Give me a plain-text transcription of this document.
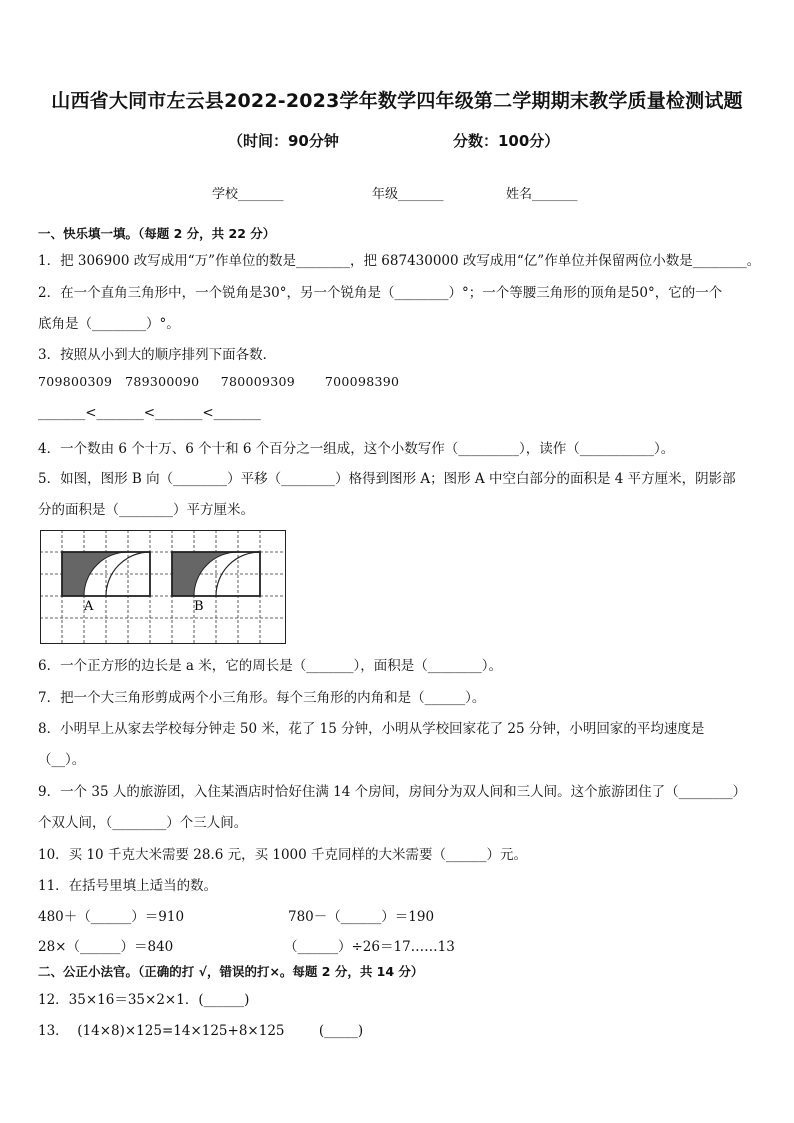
山西省大同市左云县2022-2023学年数学四年级第二学期期末教学质量检测试题
（时间：90分钟	分数：100分）
学校_______	年级_______	姓名_______
一、快乐填一填。（每题 2 分，共 22 分）
1．把 306900 改写成用“万”作单位的数是________，把 687430000 改写成用“亿”作单位并保留两位小数是________。
2．在一个直角三角形中，一个锐角是30°，另一个锐角是（________）°；一个等腰三角形的顶角是50°，它的一个
底角是（________）°。
3．按照从小到大的顺序排列下面各数．
709800309   789300090     780009309       700098390
_______<_______<_______<_______
4．一个数由 6 个十万、6 个十和 6 个百分之一组成，这个小数写作（_________），读作（___________）。
5．如图，图形 B 向（________）平移（________）格得到图形 A；图形 A 中空白部分的面积是 4 平方厘米，阴影部
分的面积是（________）平方厘米。
A	B
6．一个正方形的边长是 a 米，它的周长是（_______），面积是（________）。
7．把一个大三角形剪成两个小三角形。每个三角形的内角和是（______）。
8．小明早上从家去学校每分钟走 50 米，花了 15 分钟，小明从学校回家花了 25 分钟，小明回家的平均速度是
（__）。
9．一个 35 人的旅游团，入住某酒店时恰好住满 14 个房间，房间分为双人间和三人间。这个旅游团住了（________）
个双人间，（________）个三人间。
10．买 10 千克大米需要 28.6 元，买 1000 千克同样的大米需要（______）元。
11．在括号里填上适当的数。
480＋（______）＝910	780－（______）＝190
28×（______）＝840	（______）÷26＝17……13
二、公正小法官。（正确的打 √，错误的打×。每题 2 分，共 14 分）
12．35×16＝35×2×1．(______)
13．  (14×8)×125=14×125+8×125        (_____)
